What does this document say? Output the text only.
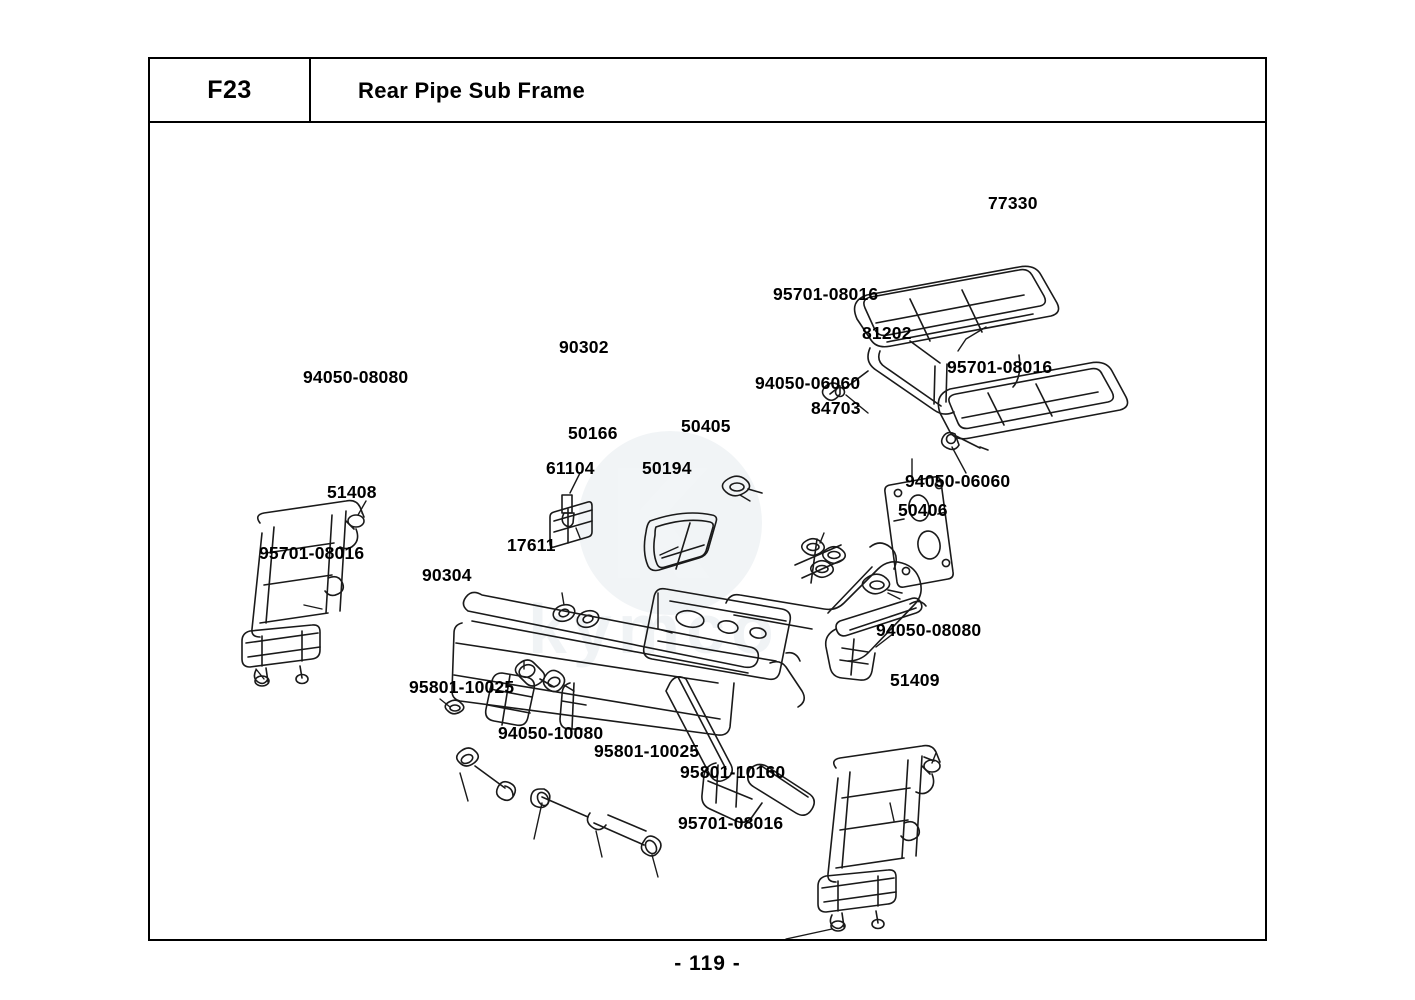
F23	Rear Pipe Sub Frame
kymco
77330
95701-08016
81202
95701-08016
90302
94050-06060
94050-08080
84703
50166	50405
61104	50194
94050-06060
51408
50406
17611
95701-08016
90304
94050-08080
51409
95801-10025
94050-10080
95801-10025
95801-10160
95701-08016
- 119 -
